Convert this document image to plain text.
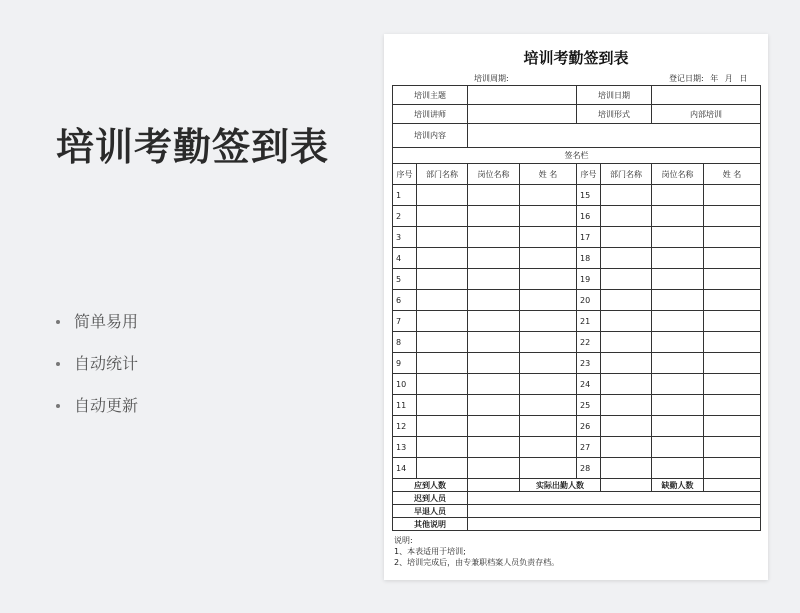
培训考勤签到表
简单易用
自动统计
自动更新
培训考勤签到表
培训周期:	登记日期: 年 月 日
培训主题				培训日期			
培训讲师				培训形式		内部培训	
培训内容							
签名栏							
序号	部门名称	岗位名称	姓 名	序号	部门名称	岗位名称	姓 名
1				15			
2				16			
3				17			
4				18			
5				19			
6				20			
7				21			
8				22			
9				23			
10				24			
11				25			
12				26			
13				27			
14				28			
应到人数			实际出勤人数			缺勤人数	
迟到人员							
早退人员							
其他说明							
说明:
1、本表适用于培训;
2、培训完成后，由专兼职档案人员负责存档。
